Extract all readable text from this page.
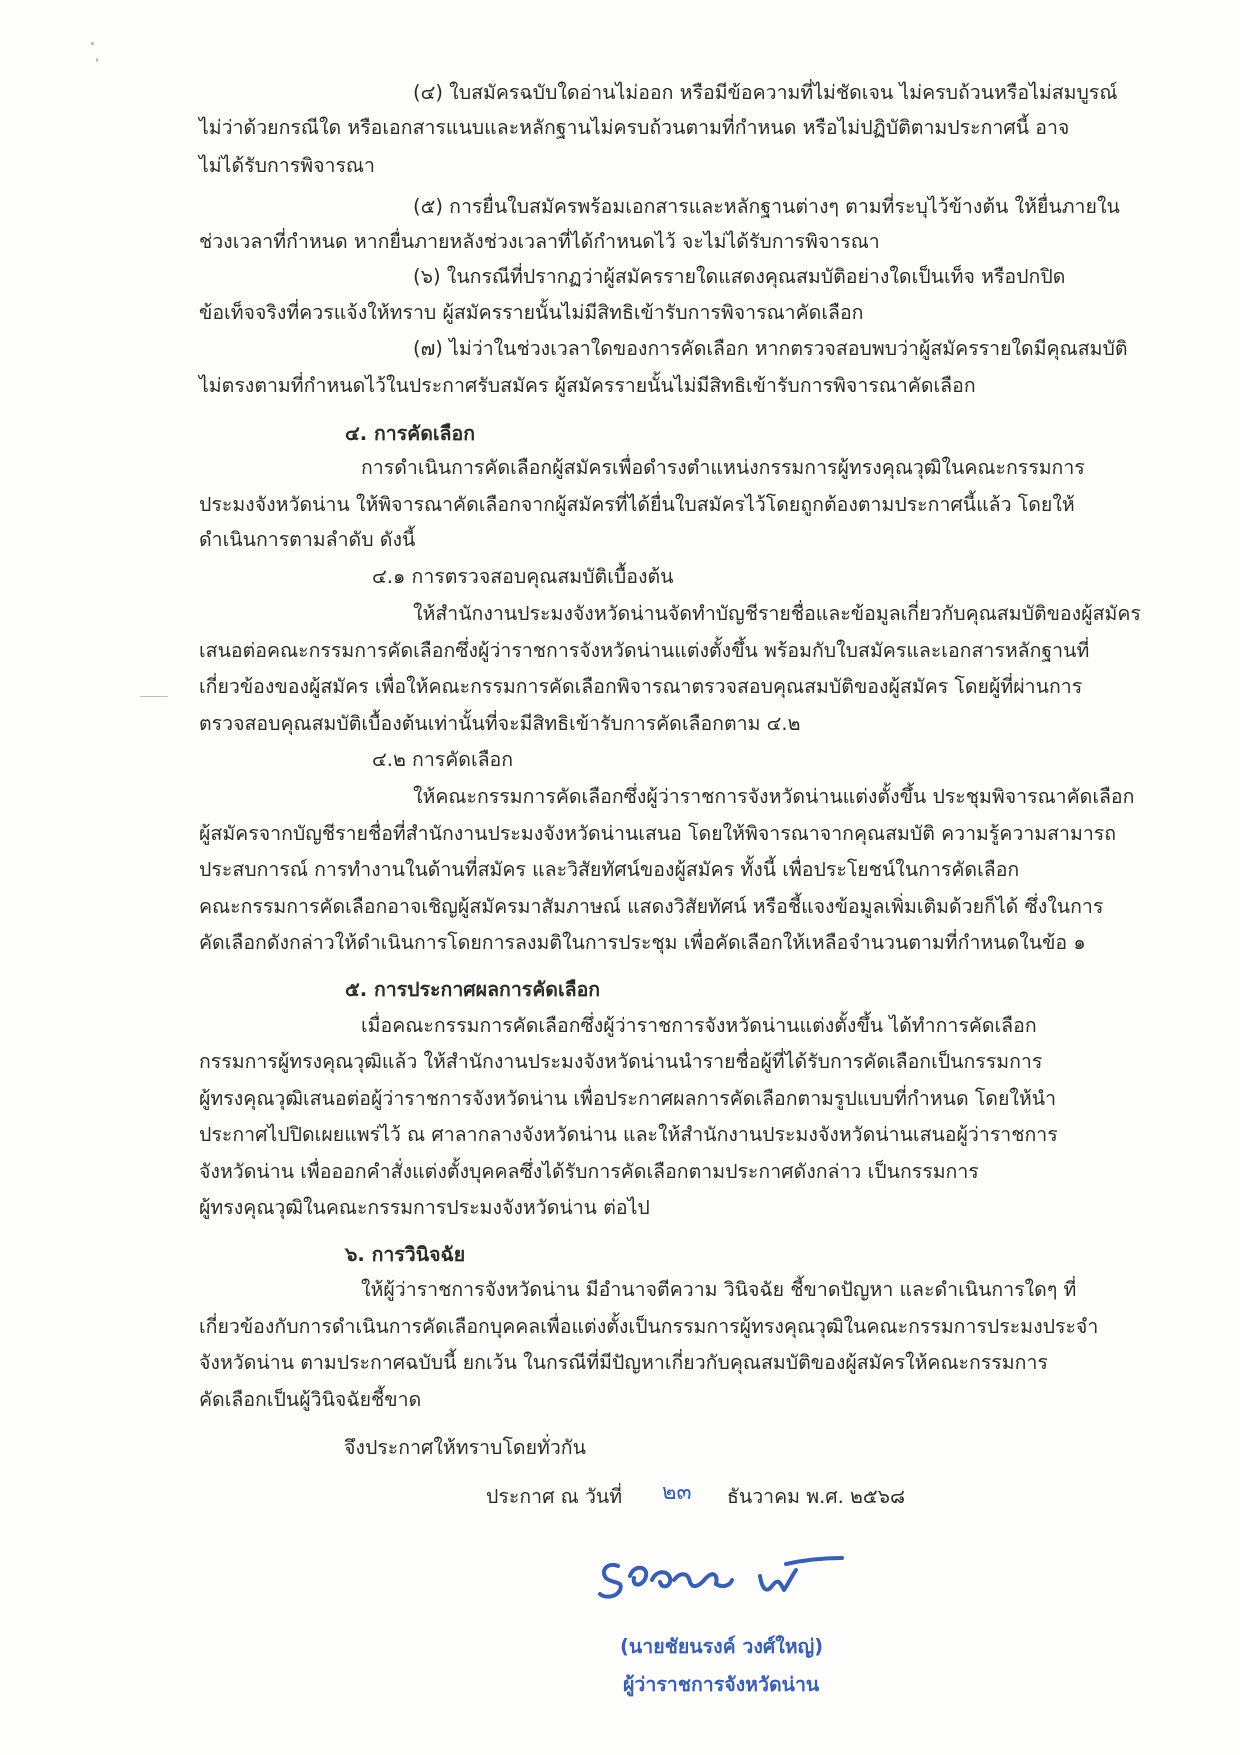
(๔) ใบสมัครฉบับใดอ่านไม่ออก หรือมีข้อความที่ไม่ชัดเจน ไม่ครบถ้วนหรือไม่สมบูรณ์
ไม่ว่าด้วยกรณีใด หรือเอกสารแนบและหลักฐานไม่ครบถ้วนตามที่กำหนด หรือไม่ปฏิบัติตามประกาศนี้ อาจ
ไม่ได้รับการพิจารณา
(๕) การยื่นใบสมัครพร้อมเอกสารและหลักฐานต่างๆ ตามที่ระบุไว้ข้างต้น ให้ยื่นภายใน
ช่วงเวลาที่กำหนด หากยื่นภายหลังช่วงเวลาที่ได้กำหนดไว้ จะไม่ได้รับการพิจารณา
(๖) ในกรณีที่ปรากฏว่าผู้สมัครรายใดแสดงคุณสมบัติอย่างใดเป็นเท็จ หรือปกปิด
ข้อเท็จจริงที่ควรแจ้งให้ทราบ ผู้สมัครรายนั้นไม่มีสิทธิเข้ารับการพิจารณาคัดเลือก
(๗) ไม่ว่าในช่วงเวลาใดของการคัดเลือก หากตรวจสอบพบว่าผู้สมัครรายใดมีคุณสมบัติ
ไม่ตรงตามที่กำหนดไว้ในประกาศรับสมัคร ผู้สมัครรายนั้นไม่มีสิทธิเข้ารับการพิจารณาคัดเลือก
๔. การคัดเลือก
การดำเนินการคัดเลือกผู้สมัครเพื่อดำรงตำแหน่งกรรมการผู้ทรงคุณวุฒิในคณะกรรมการ
ประมงจังหวัดน่าน ให้พิจารณาคัดเลือกจากผู้สมัครที่ได้ยื่นใบสมัครไว้โดยถูกต้องตามประกาศนี้แล้ว โดยให้
ดำเนินการตามลำดับ ดังนี้
๔.๑ การตรวจสอบคุณสมบัติเบื้องต้น
ให้สำนักงานประมงจังหวัดน่านจัดทำบัญชีรายชื่อและข้อมูลเกี่ยวกับคุณสมบัติของผู้สมัคร
เสนอต่อคณะกรรมการคัดเลือกซึ่งผู้ว่าราชการจังหวัดน่านแต่งตั้งขึ้น พร้อมกับใบสมัครและเอกสารหลักฐานที่
เกี่ยวข้องของผู้สมัคร เพื่อให้คณะกรรมการคัดเลือกพิจารณาตรวจสอบคุณสมบัติของผู้สมัคร โดยผู้ที่ผ่านการ
ตรวจสอบคุณสมบัติเบื้องต้นเท่านั้นที่จะมีสิทธิเข้ารับการคัดเลือกตาม ๔.๒
๔.๒ การคัดเลือก
ให้คณะกรรมการคัดเลือกซึ่งผู้ว่าราชการจังหวัดน่านแต่งตั้งขึ้น ประชุมพิจารณาคัดเลือก
ผู้สมัครจากบัญชีรายชื่อที่สำนักงานประมงจังหวัดน่านเสนอ โดยให้พิจารณาจากคุณสมบัติ ความรู้ความสามารถ
ประสบการณ์ การทำงานในด้านที่สมัคร และวิสัยทัศน์ของผู้สมัคร ทั้งนี้ เพื่อประโยชน์ในการคัดเลือก
คณะกรรมการคัดเลือกอาจเชิญผู้สมัครมาสัมภาษณ์ แสดงวิสัยทัศน์ หรือชี้แจงข้อมูลเพิ่มเติมด้วยก็ได้ ซึ่งในการ
คัดเลือกดังกล่าวให้ดำเนินการโดยการลงมติในการประชุม เพื่อคัดเลือกให้เหลือจำนวนตามที่กำหนดในข้อ ๑
๕. การประกาศผลการคัดเลือก
เมื่อคณะกรรมการคัดเลือกซึ่งผู้ว่าราชการจังหวัดน่านแต่งตั้งขึ้น ได้ทำการคัดเลือก
กรรมการผู้ทรงคุณวุฒิแล้ว ให้สำนักงานประมงจังหวัดน่านนำรายชื่อผู้ที่ได้รับการคัดเลือกเป็นกรรมการ
ผู้ทรงคุณวุฒิเสนอต่อผู้ว่าราชการจังหวัดน่าน เพื่อประกาศผลการคัดเลือกตามรูปแบบที่กำหนด โดยให้นำ
ประกาศไปปิดเผยแพร่ไว้ ณ ศาลากลางจังหวัดน่าน และให้สำนักงานประมงจังหวัดน่านเสนอผู้ว่าราชการ
จังหวัดน่าน เพื่อออกคำสั่งแต่งตั้งบุคคลซึ่งได้รับการคัดเลือกตามประกาศดังกล่าว เป็นกรรมการ
ผู้ทรงคุณวุฒิในคณะกรรมการประมงจังหวัดน่าน ต่อไป
๖. การวินิจฉัย
ให้ผู้ว่าราชการจังหวัดน่าน มีอำนาจตีความ วินิจฉัย ชี้ขาดปัญหา และดำเนินการใดๆ ที่
เกี่ยวข้องกับการดำเนินการคัดเลือกบุคคลเพื่อแต่งตั้งเป็นกรรมการผู้ทรงคุณวุฒิในคณะกรรมการประมงประจำ
จังหวัดน่าน ตามประกาศฉบับนี้ ยกเว้น ในกรณีที่มีปัญหาเกี่ยวกับคุณสมบัติของผู้สมัครให้คณะกรรมการ
คัดเลือกเป็นผู้วินิจฉัยชี้ขาด
จึงประกาศให้ทราบโดยทั่วกัน
ประกาศ ณ วันที่ ๒๓ ธันวาคม พ.ศ. ๒๕๖๘
(นายชัยนรงค์ วงศ์ใหญ่)
ผู้ว่าราชการจังหวัดน่าน
